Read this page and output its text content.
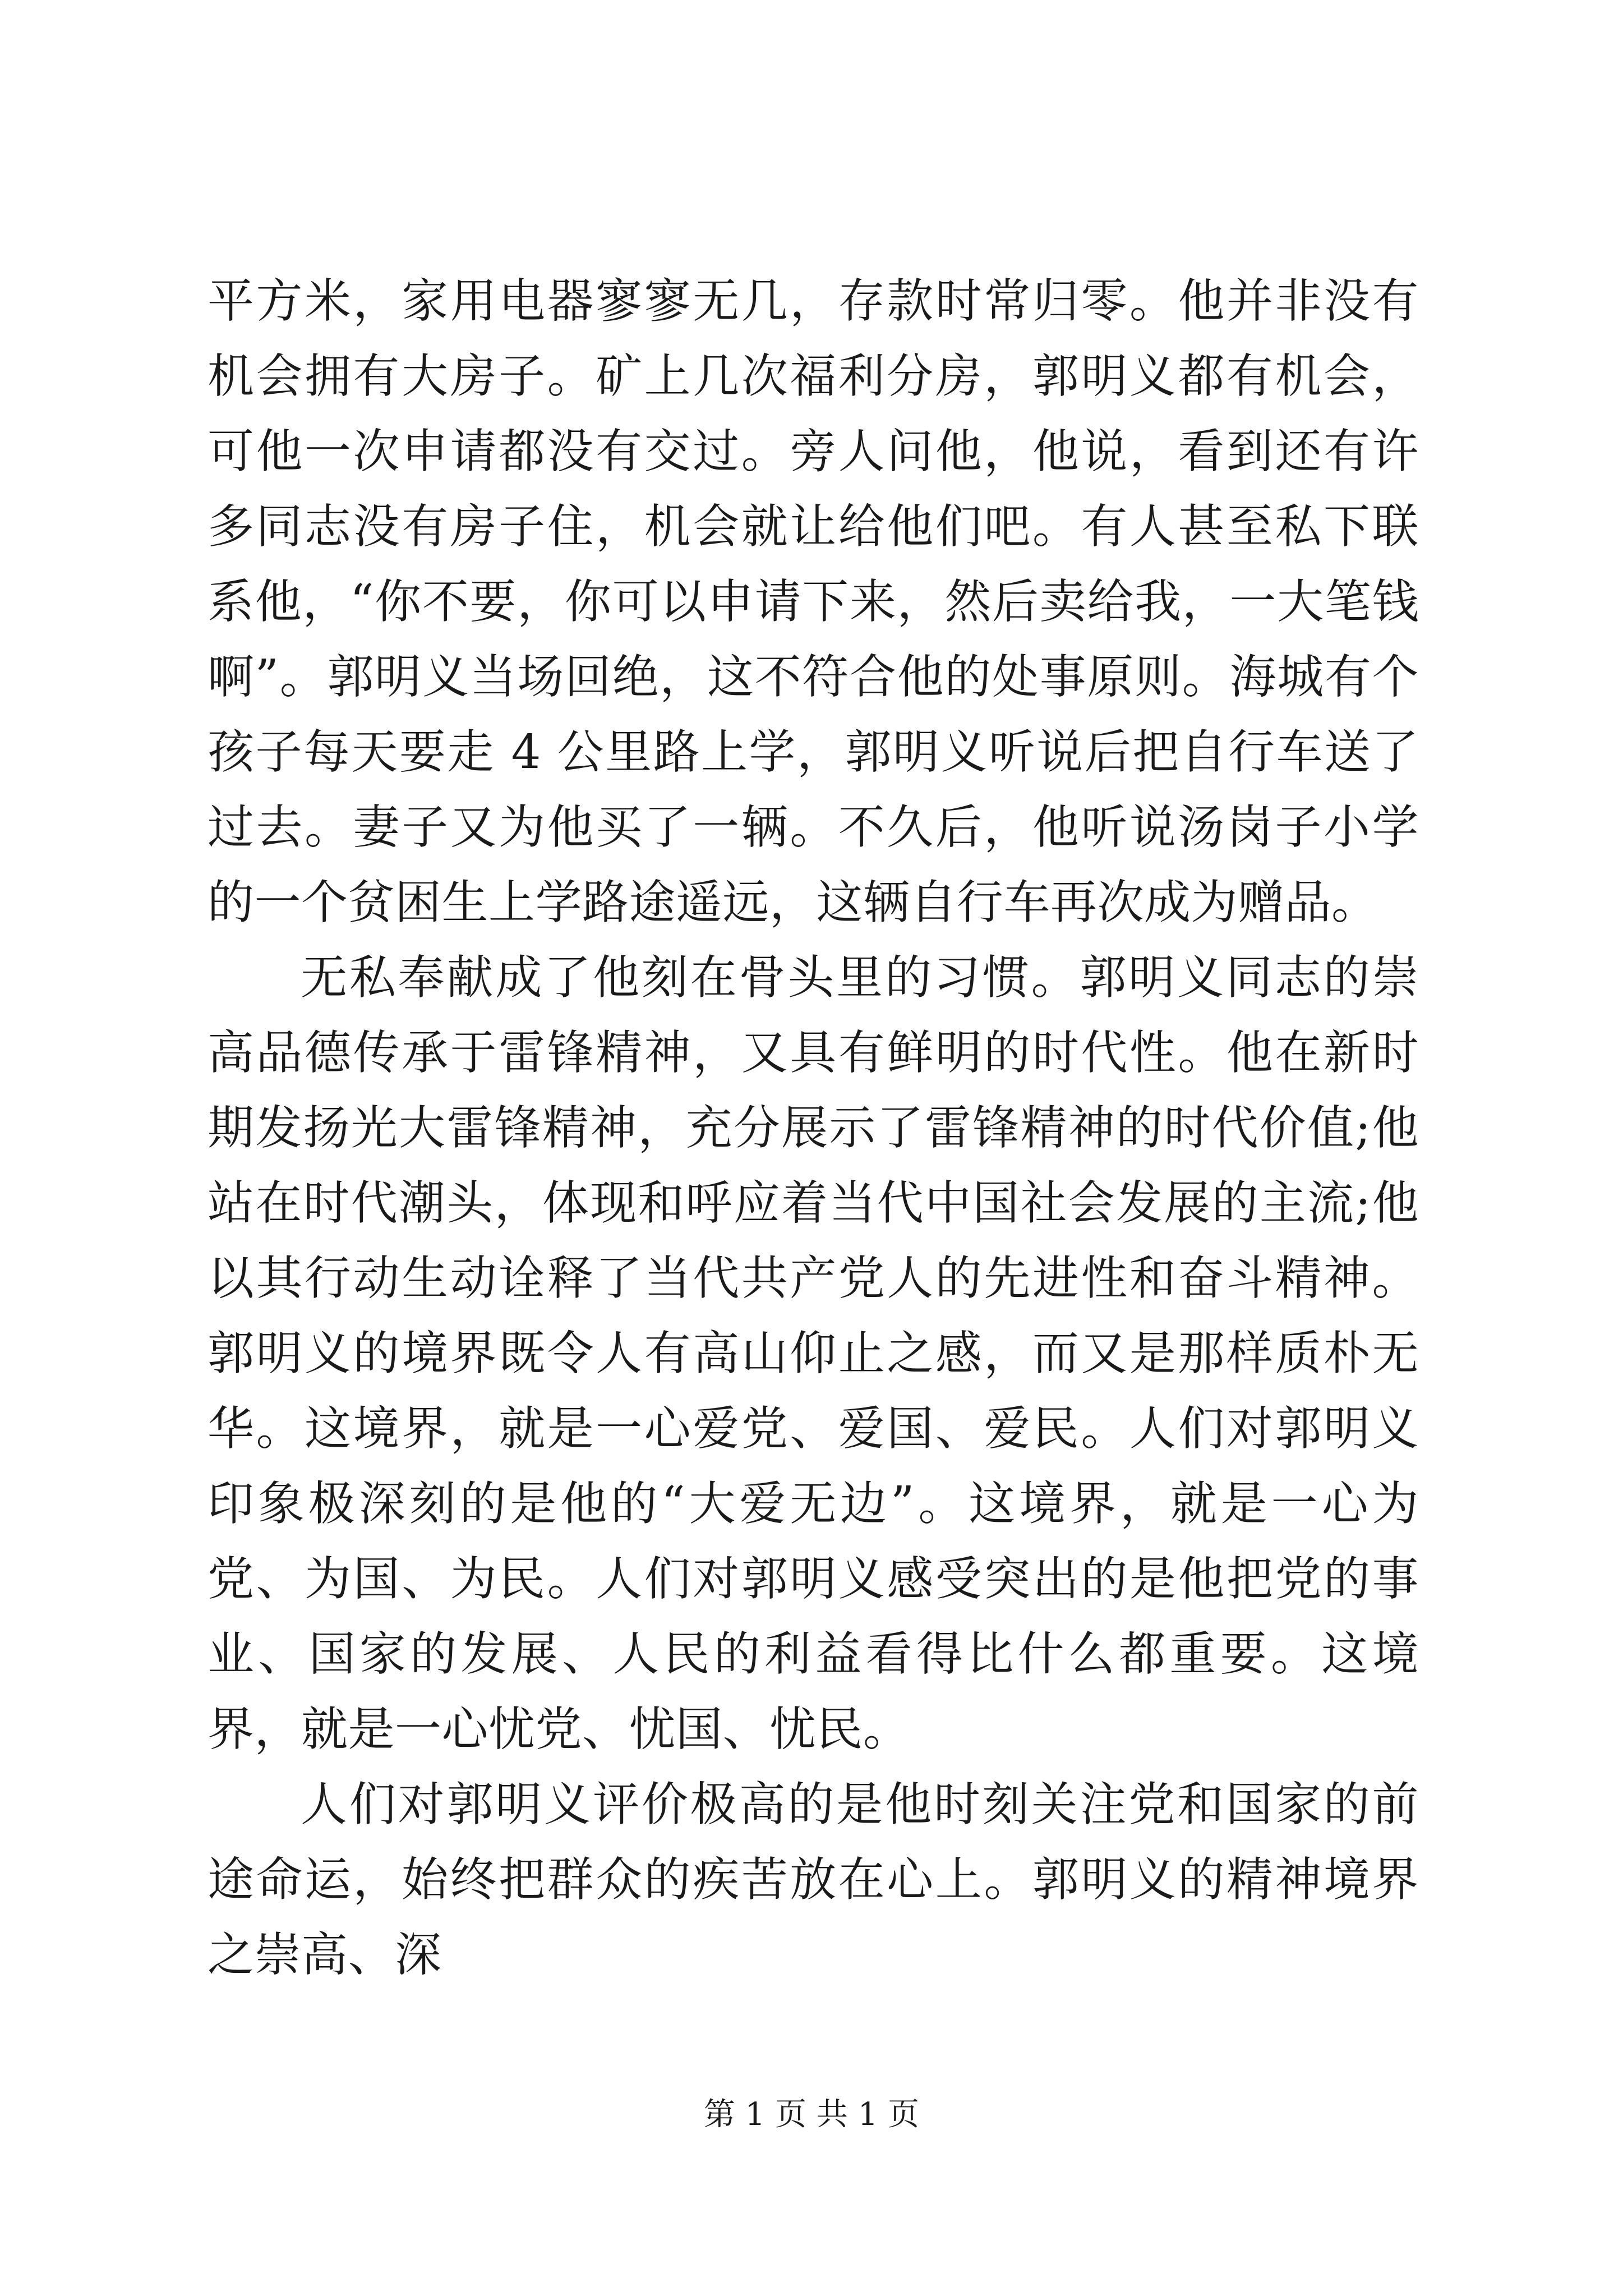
平方米，家用电器寥寥无几，存款时常归零。他并非没有机会拥有大房子。矿上几次福利分房，郭明义都有机会，可他一次申请都没有交过。旁人问他，他说，看到还有许多同志没有房子住，机会就让给他们吧。有人甚至私下联系他，“你不要，你可以申请下来，然后卖给我，一大笔钱啊”。郭明义当场回绝，这不符合他的处事原则。海城有个孩子每天要走 4 公里路上学，郭明义听说后把自行车送了过去。妻子又为他买了一辆。不久后，他听说汤岗子小学的一个贫困生上学路途遥远，这辆自行车再次成为赠品。

无私奉献成了他刻在骨头里的习惯。郭明义同志的崇高品德传承于雷锋精神，又具有鲜明的时代性。他在新时期发扬光大雷锋精神，充分展示了雷锋精神的时代价值;他站在时代潮头，体现和呼应着当代中国社会发展的主流;他以其行动生动诠释了当代共产党人的先进性和奋斗精神。郭明义的境界既令人有高山仰止之感，而又是那样质朴无华。这境界，就是一心爱党、爱国、爱民。人们对郭明义印象极深刻的是他的“大爱无边”。这境界，就是一心为党、为国、为民。人们对郭明义感受突出的是他把党的事业、国家的发展、人民的利益看得比什么都重要。这境界，就是一心忧党、忧国、忧民。

人们对郭明义评价极高的是他时刻关注党和国家的前途命运，始终把群众的疾苦放在心上。郭明义的精神境界之崇高、深

第 1 页 共 1 页
